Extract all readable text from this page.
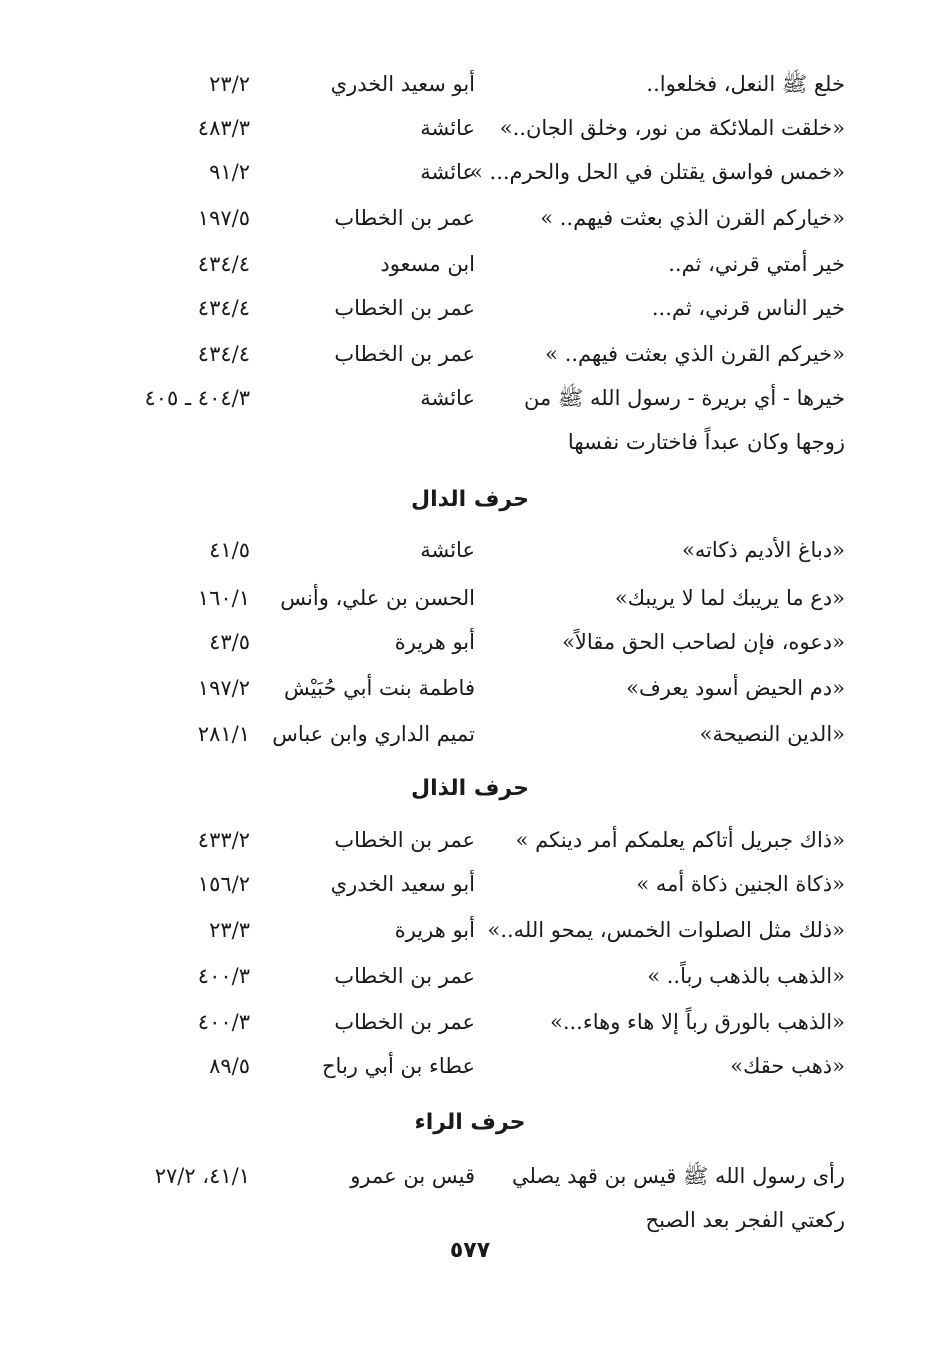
خلع ﷺ النعل، فخلعوا..
أبو سعيد الخدري
٢٣/٢
«خلقت الملائكة من نور، وخلق الجان..»
عائشة
٤٨٣/٣
«خمس فواسق يقتلن في الحل والحرم... »
عائشة
٩١/٢
«خياركم القرن الذي بعثت فيهم.. »
عمر بن الخطاب
١٩٧/٥
خير أمتي قرني، ثم..
ابن مسعود
٤٣٤/٤
خير الناس قرني، ثم...
عمر بن الخطاب
٤٣٤/٤
«خيركم القرن الذي بعثت فيهم.. »
عمر بن الخطاب
٤٣٤/٤
خيرها - أي بريرة - رسول الله ﷺ من زوجها وكان عبداً فاختارت نفسها
عائشة
٤٠٤/٣ ـ ٤٠٥
حرف الدال
«دباغ الأديم ذكاته»
عائشة
٤١/٥
«دع ما يريبك لما لا يريبك»
الحسن بن علي، وأنس
١٦٠/١
«دعوه، فإن لصاحب الحق مقالاً»
أبو هريرة
٤٣/٥
«دم الحيض أسود يعرف»
فاطمة بنت أبي حُبَيْش
١٩٧/٢
«الدين النصيحة»
تميم الداري وابن عباس
٢٨١/١
حرف الذال
«ذاك جبريل أتاكم يعلمكم أمر دينكم »
عمر بن الخطاب
٤٣٣/٢
«ذكاة الجنين ذكاة أمه »
أبو سعيد الخدري
١٥٦/٢
«ذلك مثل الصلوات الخمس، يمحو الله..»
أبو هريرة
٢٣/٣
«الذهب بالذهب رباً.. »
عمر بن الخطاب
٤٠٠/٣
«الذهب بالورق رباً إلا هاء وهاء...»
عمر بن الخطاب
٤٠٠/٣
«ذهب حقك»
عطاء بن أبي رباح
٨٩/٥
حرف الراء
رأى رسول الله ﷺ قيس بن قهد يصلي ركعتي الفجر بعد الصبح
قيس بن عمرو
٤١/١، ٢٧/٢
٥٧٧
